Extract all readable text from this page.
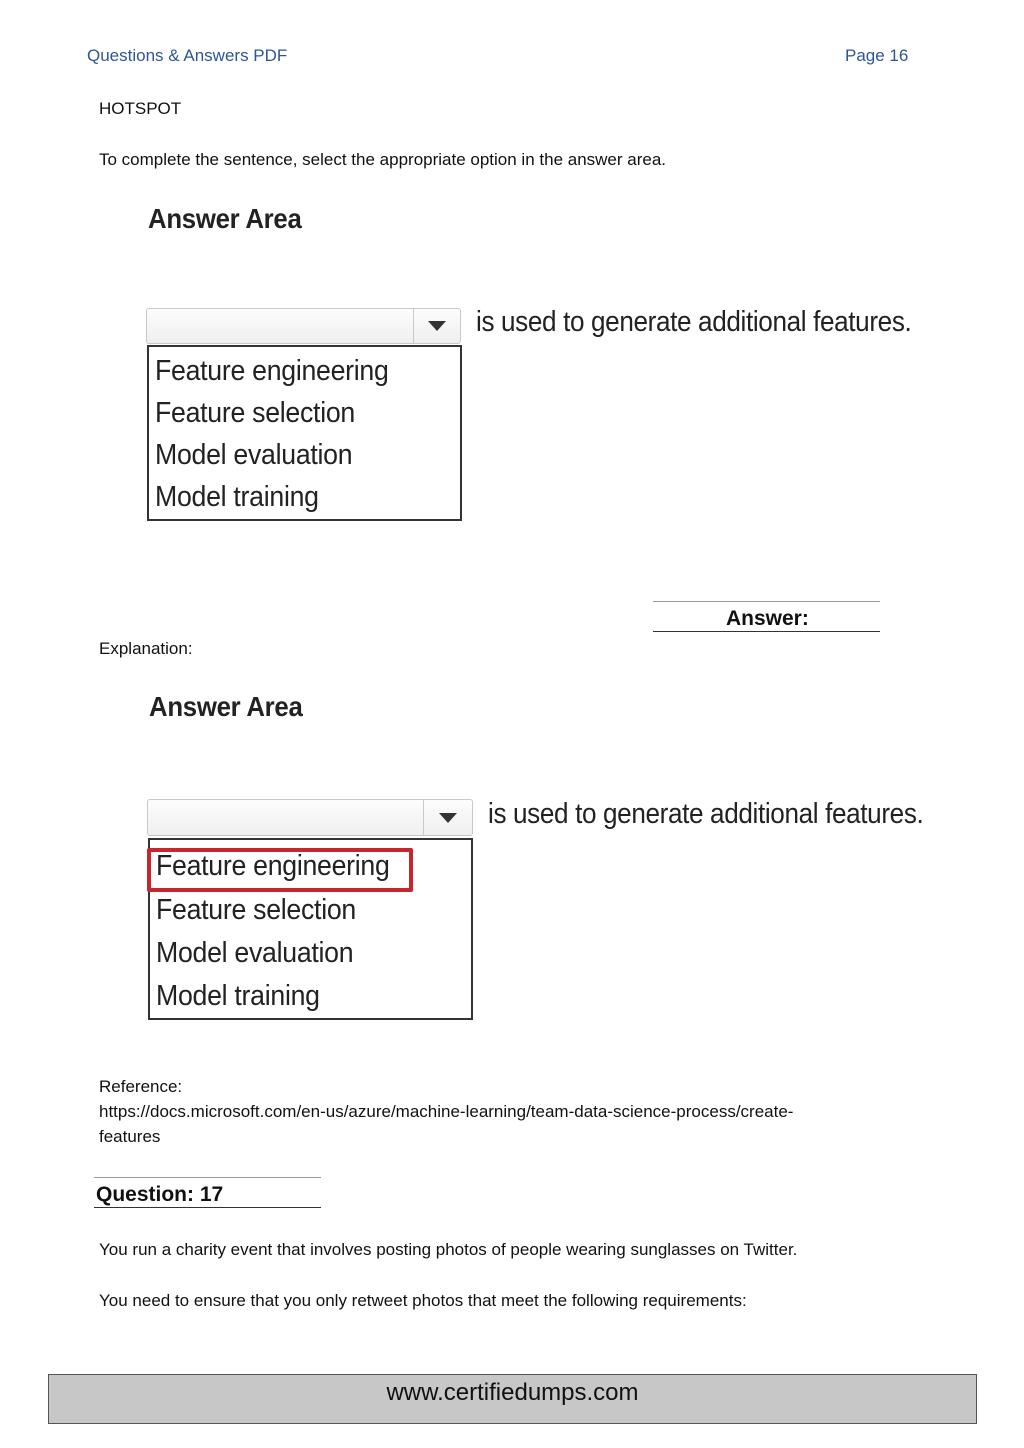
Questions & Answers PDF	Page 16
HOTSPOT
To complete the sentence, select the appropriate option in the answer area.
Answer Area
is used to generate additional features.
Feature engineering
Feature selection
Model evaluation
Model training
Answer:
Explanation:
Answer Area
is used to generate additional features.
Feature engineering
Feature selection
Model evaluation
Model training
Reference:
https://docs.microsoft.com/en-us/azure/machine-learning/team-data-science-process/create-
features
Question: 17
You run a charity event that involves posting photos of people wearing sunglasses on Twitter.
You need to ensure that you only retweet photos that meet the following requirements:
www.certifiedumps.com
